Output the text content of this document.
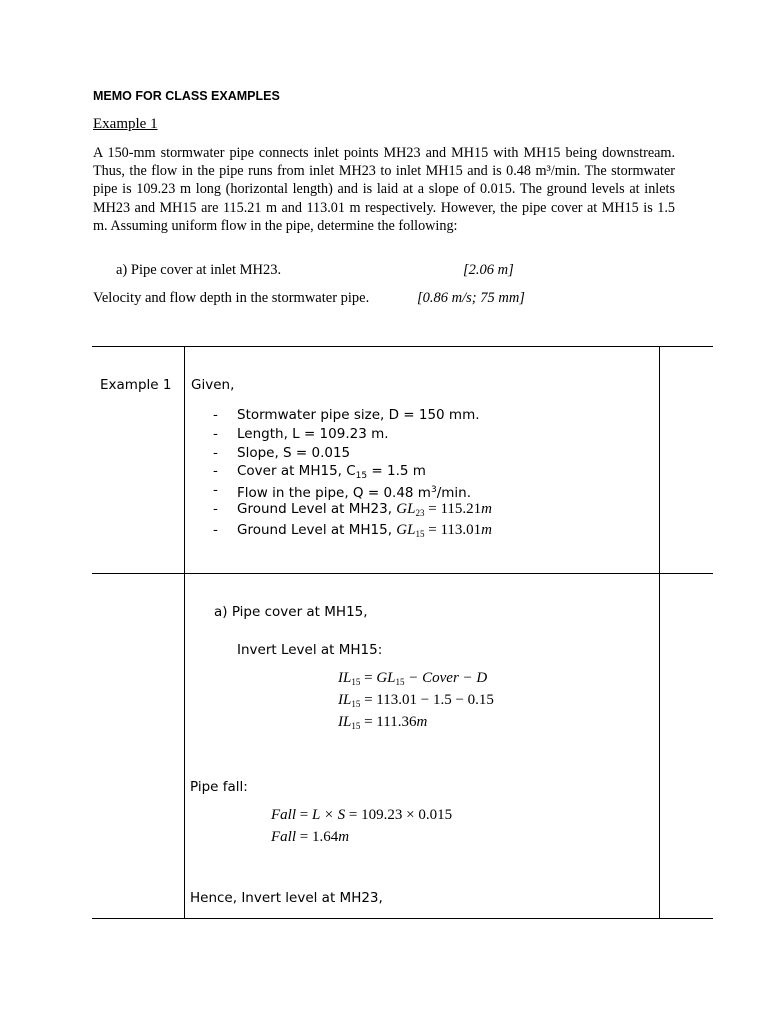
MEMO FOR CLASS EXAMPLES
Example 1

A 150-mm stormwater pipe connects inlet points MH23 and MH15 with MH15 being downstream. Thus, the flow in the pipe runs from inlet MH23 to inlet MH15 and is 0.48 m³/min. The stormwater pipe is 109.23 m long (horizontal length) and is laid at a slope of 0.015. The ground levels at inlets MH23 and MH15 are 115.21 m and 113.01 m respectively. However, the pipe cover at MH15 is 1.5 m. Assuming uniform flow in the pipe, determine the following:

a) Pipe cover at inlet MH23.	[2.06 m]
Velocity and flow depth in the stormwater pipe.	[0.86 m/s; 75 mm]
Example 1 Given,
- Stormwater pipe size, D = 150 mm.
- Length, L = 109.23 m.
- Slope, S = 0.015
- Cover at MH15, $C_{15} = 1.5$ m
- Flow in the pipe, Q = 0.48 $m^3/\min$.
- Ground Level at MH23, $GL_{23} = 115.21m$
- Ground Level at MH15, $GL_{15} = 113.01m$
a) Pipe cover at MH15,
Invert Level at MH15:
$IL_{15} = GL_{15}$ − Cover − D
$IL_{15} = 113.01 - 1.5 - 0.15$
$IL_{15} = 111.36m$
Pipe fall:
Fall = L × S = 109.23 × 0.015
Fall = 1.64m
Hence, Invert level at MH23,
